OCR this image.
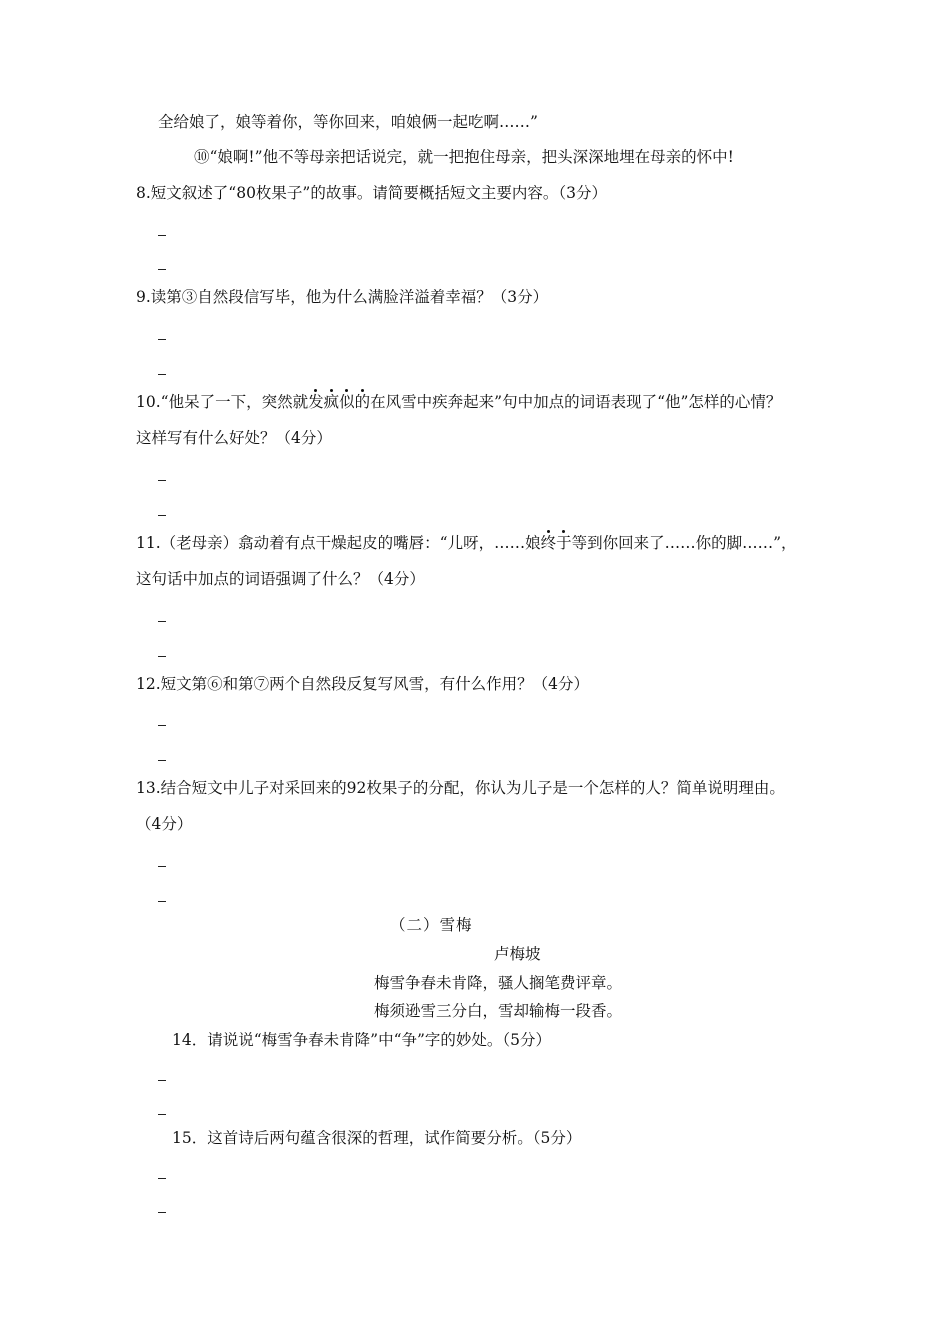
全给娘了，娘等着你，等你回来，咱娘俩一起吃啊……”
⑩“娘啊!”他不等母亲把话说完，就一把抱住母亲，把头深深地埋在母亲的怀中!
8.短文叙述了“80枚果子”的故事。请简要概括短文主要内容。（3分）
9.读第③自然段信写毕，他为什么满脸洋溢着幸福？（3分）
10.“他呆了一下，突然就发疯似的在风雪中疾奔起来”句中加点的词语表现了“他”怎样的心情？
这样写有什么好处？（4分）
11.（老母亲）翕动着有点干燥起皮的嘴唇：“儿呀，……娘终于等到你回来了……你的脚……”，
这句话中加点的词语强调了什么？（4分）
12.短文第⑥和第⑦两个自然段反复写风雪，有什么作用？（4分）
13.结合短文中儿子对采回来的92枚果子的分配，你认为儿子是一个怎样的人？简单说明理由。
（4分）
（二）雪梅
卢梅坡
梅雪争春未肯降，骚人搁笔费评章。
梅须逊雪三分白，雪却输梅一段香。
14．请说说“梅雪争春未肯降”中“争”字的妙处。（5分）
15．这首诗后两句蕴含很深的哲理，试作简要分析。（5分）
